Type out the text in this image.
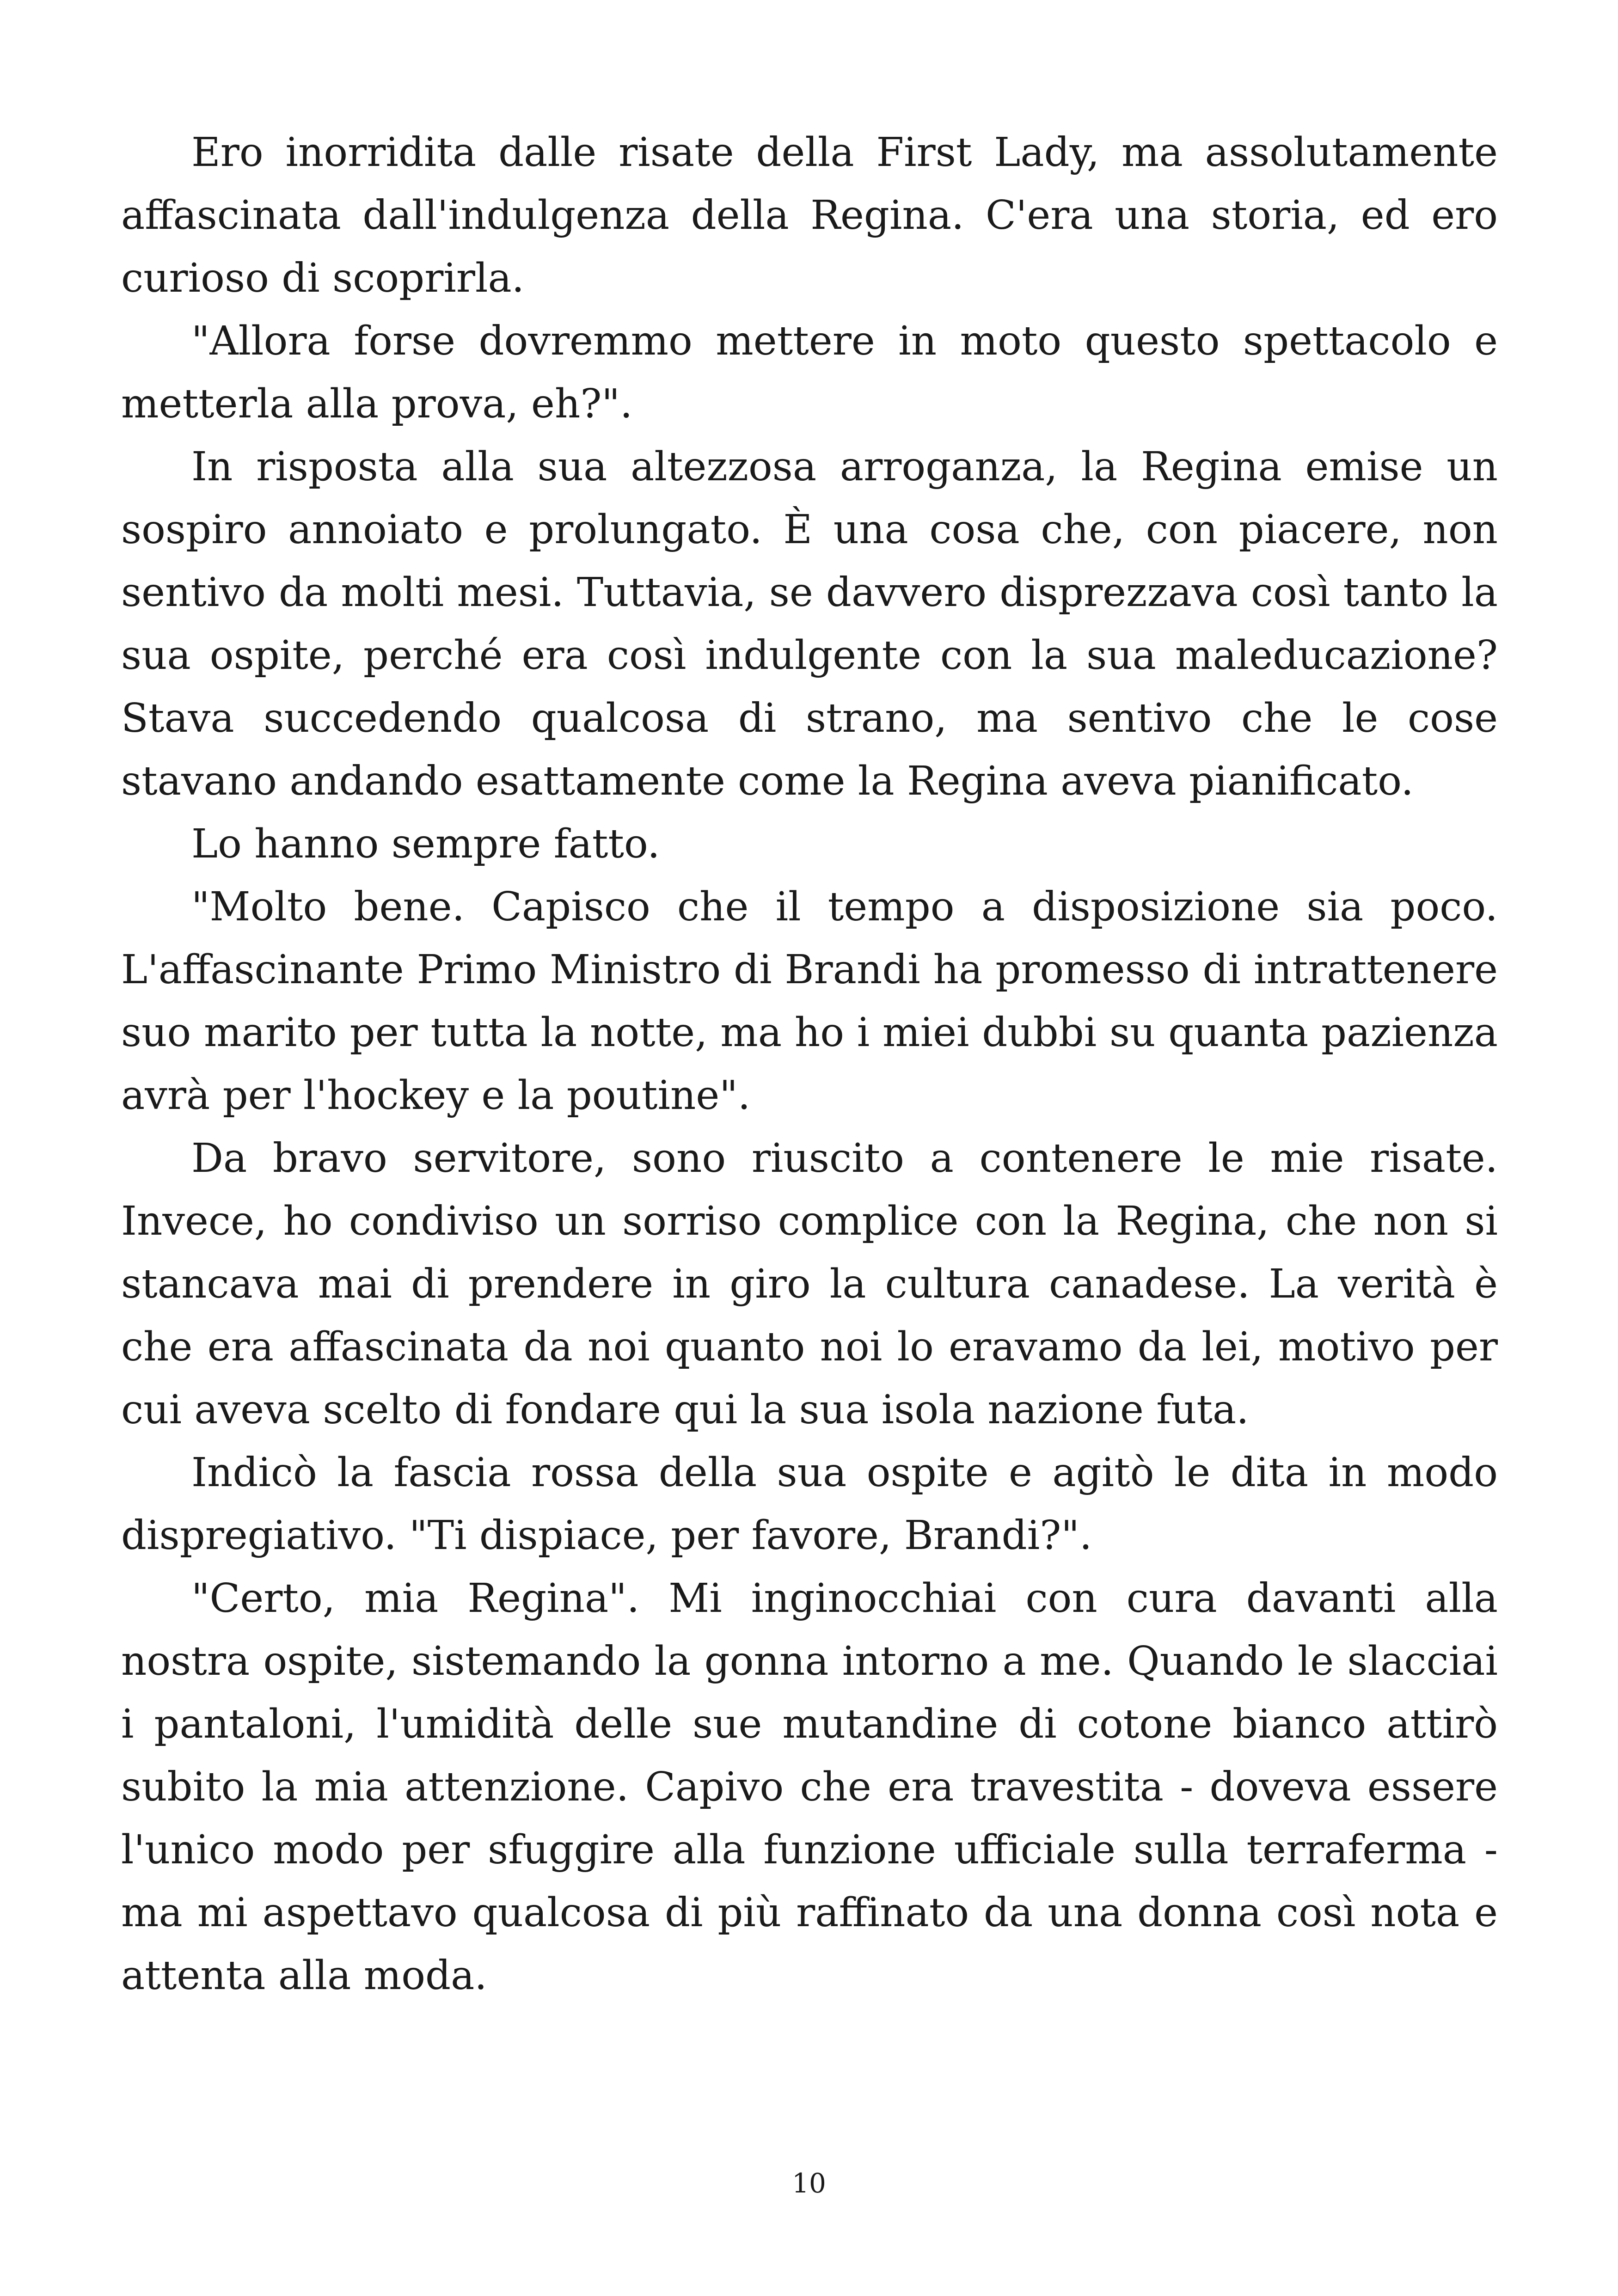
Ero inorridita dalle risate della First Lady, ma assolutamente affascinata dall'indulgenza della Regina. C'era una storia, ed ero curioso di scoprirla.

"Allora forse dovremmo mettere in moto questo spettacolo e metterla alla prova, eh?".

In risposta alla sua altezzosa arroganza, la Regina emise un sospiro annoiato e prolungato. È una cosa che, con piacere, non sentivo da molti mesi. Tuttavia, se davvero disprezzava così tanto la sua ospite, perché era così indulgente con la sua maleducazione? Stava succedendo qualcosa di strano, ma sentivo che le cose stavano andando esattamente come la Regina aveva pianificato.

Lo hanno sempre fatto.

"Molto bene. Capisco che il tempo a disposizione sia poco. L'affascinante Primo Ministro di Brandi ha promesso di intrattenere suo marito per tutta la notte, ma ho i miei dubbi su quanta pazienza avrà per l'hockey e la poutine".

Da bravo servitore, sono riuscito a contenere le mie risate. Invece, ho condiviso un sorriso complice con la Regina, che non si stancava mai di prendere in giro la cultura canadese. La verità è che era affascinata da noi quanto noi lo eravamo da lei, motivo per cui aveva scelto di fondare qui la sua isola nazione futa.

Indicò la fascia rossa della sua ospite e agitò le dita in modo dispregiativo. "Ti dispiace, per favore, Brandi?".

"Certo, mia Regina". Mi inginocchiai con cura davanti alla nostra ospite, sistemando la gonna intorno a me. Quando le slacciai i pantaloni, l'umidità delle sue mutandine di cotone bianco attirò subito la mia attenzione. Capivo che era travestita - doveva essere l'unico modo per sfuggire alla funzione ufficiale sulla terraferma - ma mi aspettavo qualcosa di più raffinato da una donna così nota e attenta alla moda.

10
